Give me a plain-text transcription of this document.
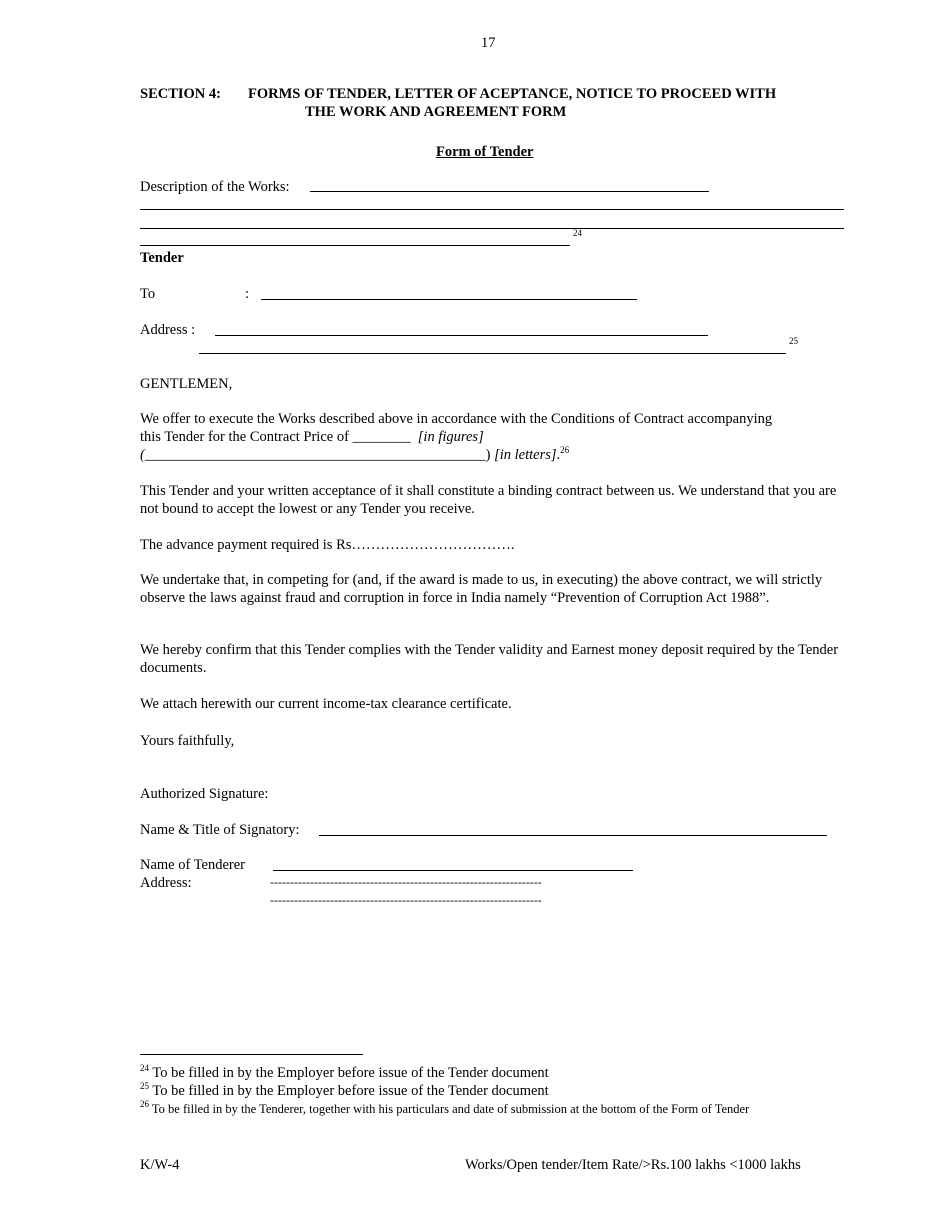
17
SECTION 4: FORMS OF TENDER, LETTER OF ACEPTANCE, NOTICE TO PROCEED WITH
THE WORK AND AGREEMENT FORM
Form of Tender
Description of the Works:
24
Tender
To	:
Address :
25
GENTLEMEN,
We offer to execute the Works described above in accordance with the Conditions of Contract accompanying
this Tender for the Contract Price of ________ [in figures]
(_______________________________________________) [in letters].$^{26}$
This Tender and your written acceptance of it shall constitute a binding contract between us. We understand that you are not bound to accept the lowest or any Tender you receive.
The advance payment required is Rs…………………………….
We undertake that, in competing for (and, if the award is made to us, in executing) the above contract, we will strictly observe the laws against fraud and corruption in force in India namely “Prevention of Corruption Act 1988”.
We hereby confirm that this Tender complies with the Tender validity and Earnest money deposit required by the Tender documents.
We attach herewith our current income-tax clearance certificate.
Yours faithfully,
Authorized Signature:
Name & Title of Signatory:
Name of Tenderer
Address:	--------------------------------------------------------------------
--------------------------------------------------------------------
$^{24}$ To be filled in by the Employer before issue of the Tender document
$^{25}$ To be filled in by the Employer before issue of the Tender document
$^{26}$ To be filled in by the Tenderer, together with his particulars and date of submission at the bottom of the Form of Tender
K/W-4	Works/Open tender/Item Rate/>Rs.100 lakhs <1000 lakhs
